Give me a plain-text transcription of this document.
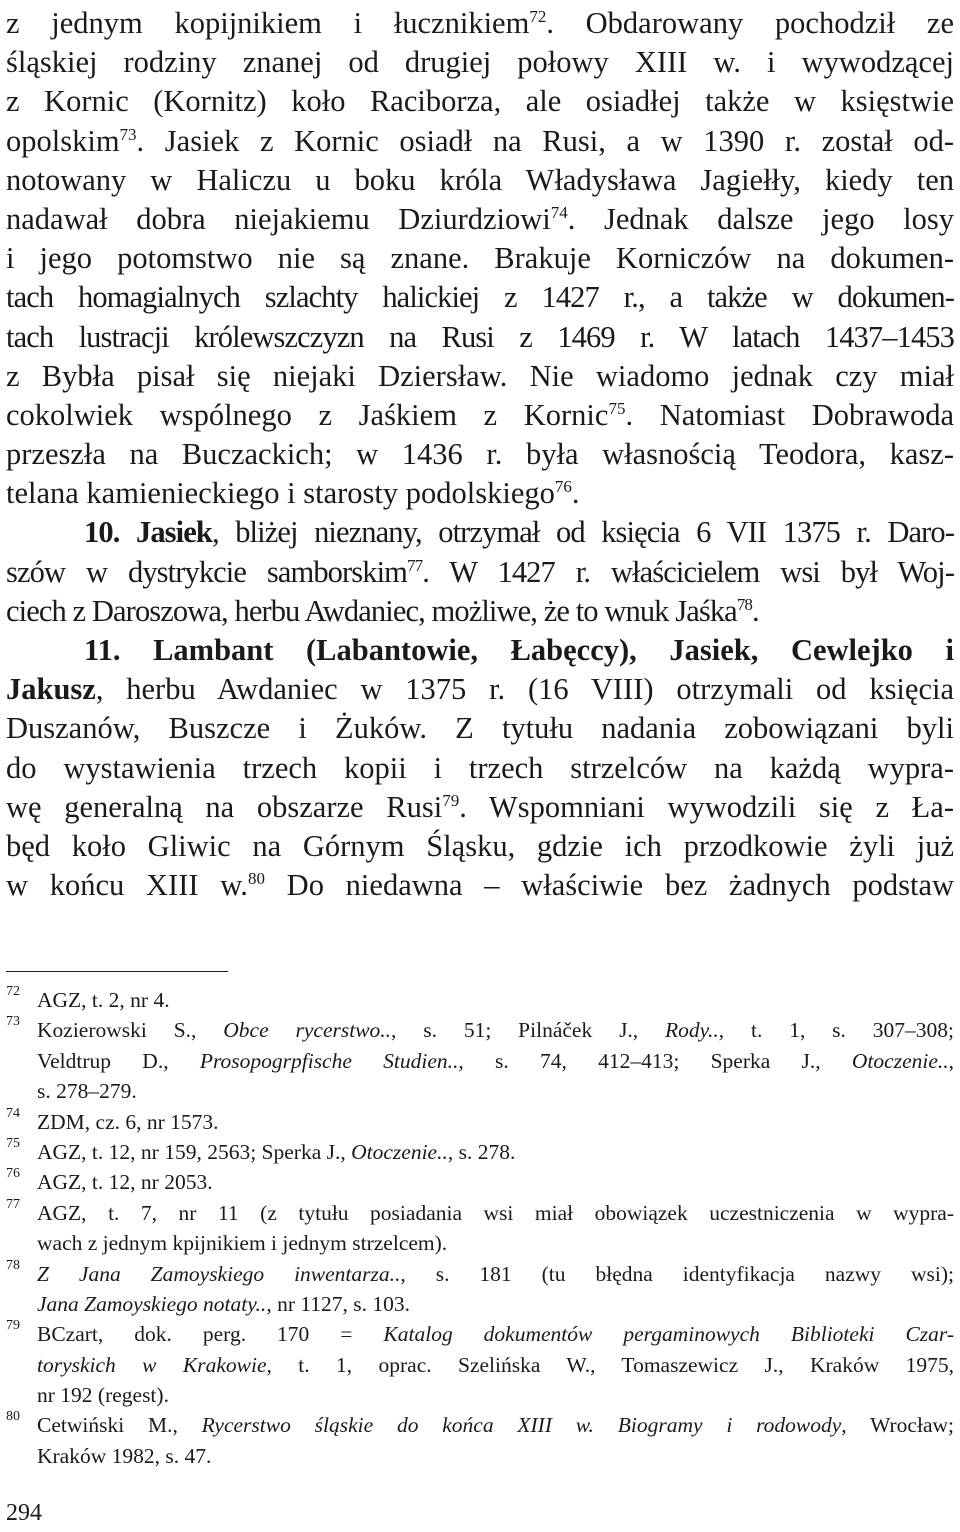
z jednym kopijnikiem i łucznikiem$^{72}$. Obdarowany pochodził ze
śląskiej rodziny znanej od drugiej połowy XIII w. i wywodzącej
z Kornic (Kornitz) koło Raciborza, ale osiadłej także w księstwie
opolskim$^{73}$. Jasiek z Kornic osiadł na Rusi, a w 1390 r. został od-
notowany w Haliczu u boku króla Władysława Jagiełły, kiedy ten
nadawał dobra niejakiemu Dziurdziowi$^{74}$. Jednak dalsze jego losy
i jego potomstwo nie są znane. Brakuje Korniczów na dokumen-
tach homagialnych szlachty halickiej z 1427 r., a także w dokumen-
tach lustracji królewszczyzn na Rusi z 1469 r. W latach 1437–1453
z Bybła pisał się niejaki Dziersław. Nie wiadomo jednak czy miał
cokolwiek wspólnego z Jaśkiem z Kornic$^{75}$. Natomiast Dobrawoda
przeszła na Buczackich; w 1436 r. była własnością Teodora, kasz-
telana kamienieckiego i starosty podolskiego$^{76}$.
10. Jasiek, bliżej nieznany, otrzymał od księcia 6 VII 1375 r. Daro-
szów w dystrykcie samborskim$^{77}$. W 1427 r. właścicielem wsi był Woj-
ciech z Daroszowa, herbu Awdaniec, możliwe, że to wnuk Jaśka$^{78}$.
11. Lambant (Labantowie, Łabęccy), Jasiek, Cewlejko i
Jakusz, herbu Awdaniec w 1375 r. (16 VIII) otrzymali od księcia
Duszanów, Buszcze i Żuków. Z tytułu nadania zobowiązani byli
do wystawienia trzech kopii i trzech strzelców na każdą wypra-
wę generalną na obszarze Rusi$^{79}$. Wspomniani wywodzili się z Ła-
będ koło Gliwic na Górnym Śląsku, gdzie ich przodkowie żyli już
w końcu XIII w.$^{80}$ Do niedawna – właściwie bez żadnych podstaw
72 AGZ, t. 2, nr 4.
73 Kozierowski S., Obce rycerstwo.., s. 51; Pilnáček J., Rody.., t. 1, s. 307–308;
Veldtrup D., Prosopogrpfische Studien.., s. 74, 412–413; Sperka J., Otoczenie..,
s. 278–279.
74 ZDM, cz. 6, nr 1573.
75 AGZ, t. 12, nr 159, 2563; Sperka J., Otoczenie.., s. 278.
76 AGZ, t. 12, nr 2053.
77 AGZ, t. 7, nr 11 (z tytułu posiadania wsi miał obowiązek uczestniczenia w wypra-
wach z jednym kpijnikiem i jednym strzelcem).
78 Z Jana Zamoyskiego inwentarza.., s. 181 (tu błędna identyfikacja nazwy wsi);
Jana Zamoyskiego notaty.., nr 1127, s. 103.
79 BCzart, dok. perg. 170 = Katalog dokumentów pergaminowych Biblioteki Czar-
toryskich w Krakowie, t. 1, oprac. Szelińska W., Tomaszewicz J., Kraków 1975,
nr 192 (regest).
80 Cetwiński M., Rycerstwo śląskie do końca XIII w. Biogramy i rodowody, Wrocław;
Kraków 1982, s. 47.
294
